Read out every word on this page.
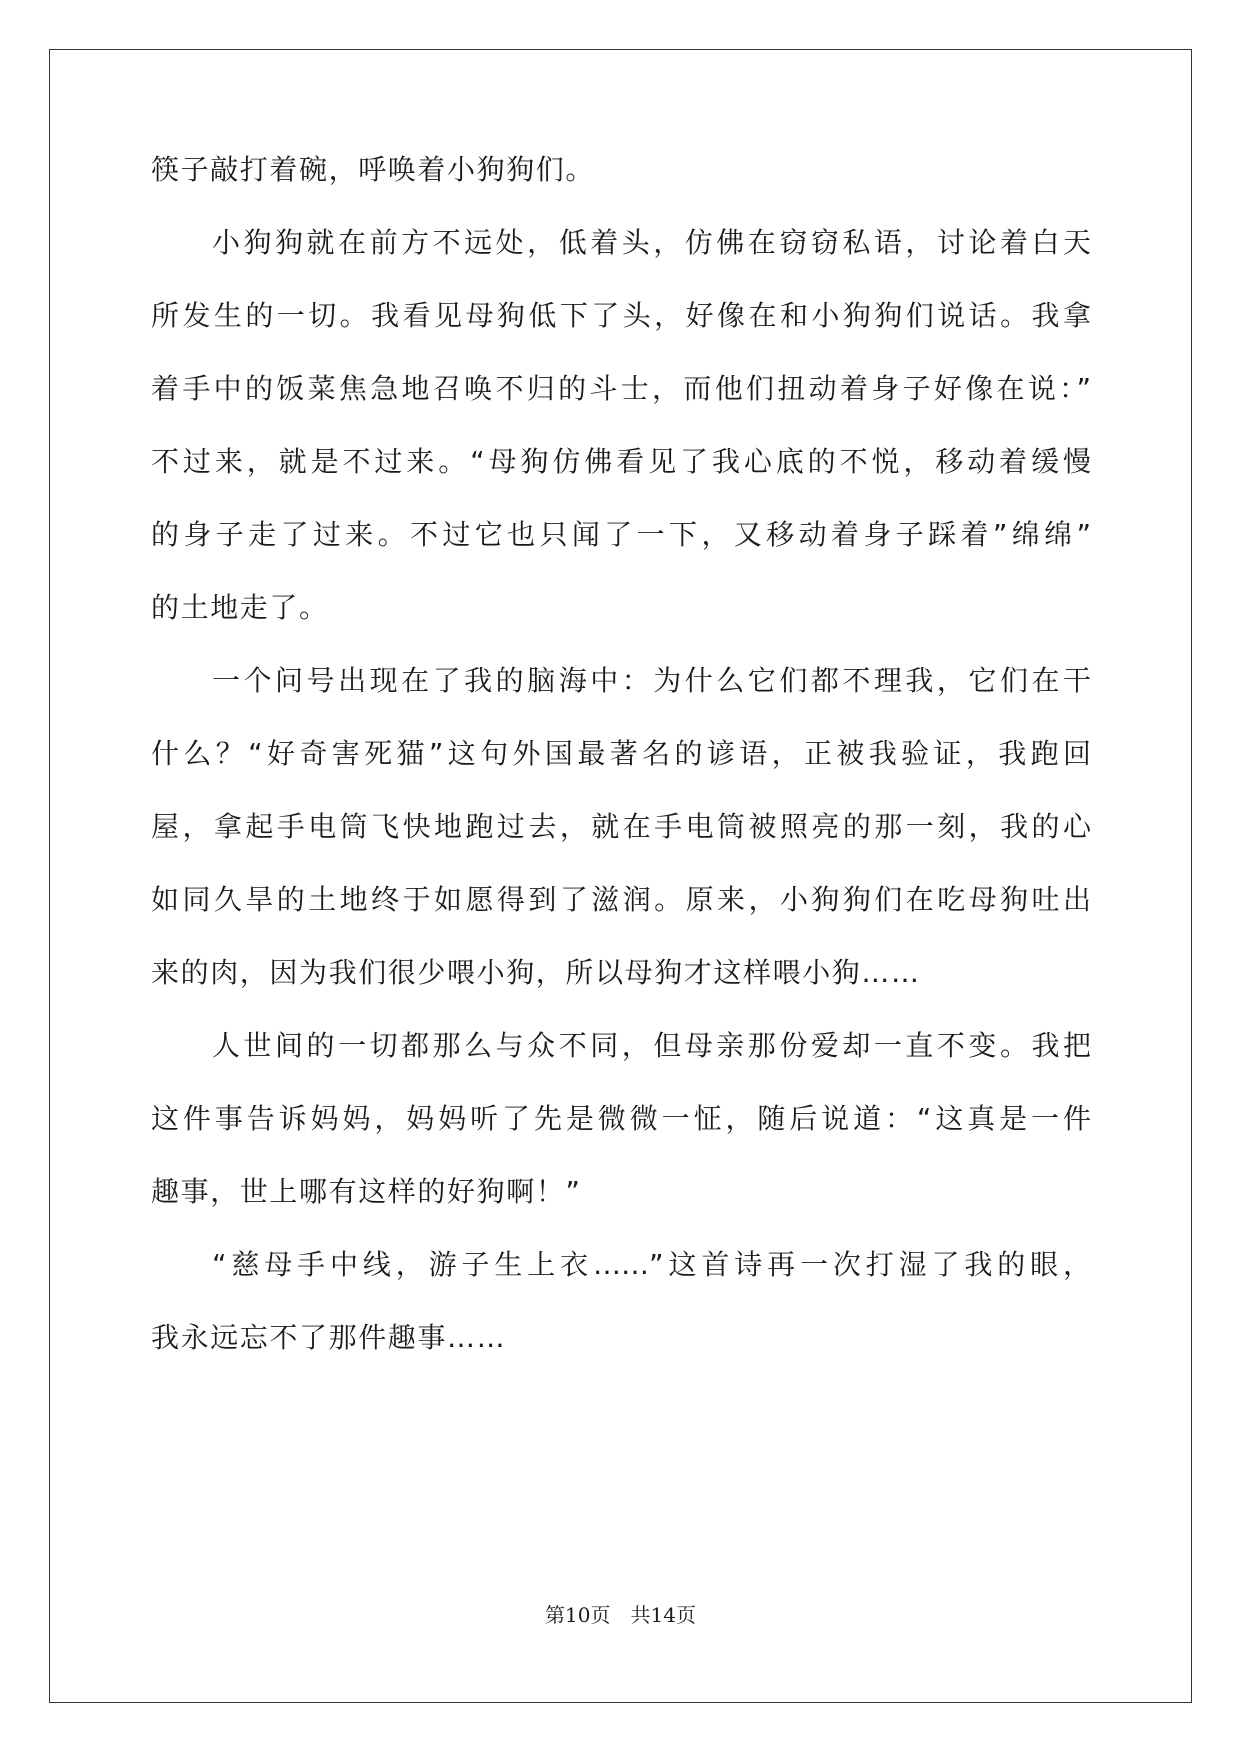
筷子敲打着碗，呼唤着小狗狗们。
小狗狗就在前方不远处，低着头，仿佛在窃窃私语，讨论着白天
所发生的一切。我看见母狗低下了头，好像在和小狗狗们说话。我拿
着手中的饭菜焦急地召唤不归的斗士，而他们扭动着身子好像在说：”
不过来，就是不过来。“母狗仿佛看见了我心底的不悦，移动着缓慢
的身子走了过来。不过它也只闻了一下，又移动着身子踩着”绵绵”
的土地走了。
一个问号出现在了我的脑海中：为什么它们都不理我，它们在干
什么？“好奇害死猫”这句外国最著名的谚语，正被我验证，我跑回
屋，拿起手电筒飞快地跑过去，就在手电筒被照亮的那一刻，我的心
如同久旱的土地终于如愿得到了滋润。原来，小狗狗们在吃母狗吐出
来的肉，因为我们很少喂小狗，所以母狗才这样喂小狗……
人世间的一切都那么与众不同，但母亲那份爱却一直不变。我把
这件事告诉妈妈，妈妈听了先是微微一怔，随后说道：“这真是一件
趣事，世上哪有这样的好狗啊！”
“慈母手中线，游子生上衣……”这首诗再一次打湿了我的眼，
我永远忘不了那件趣事……
第10页 共14页
